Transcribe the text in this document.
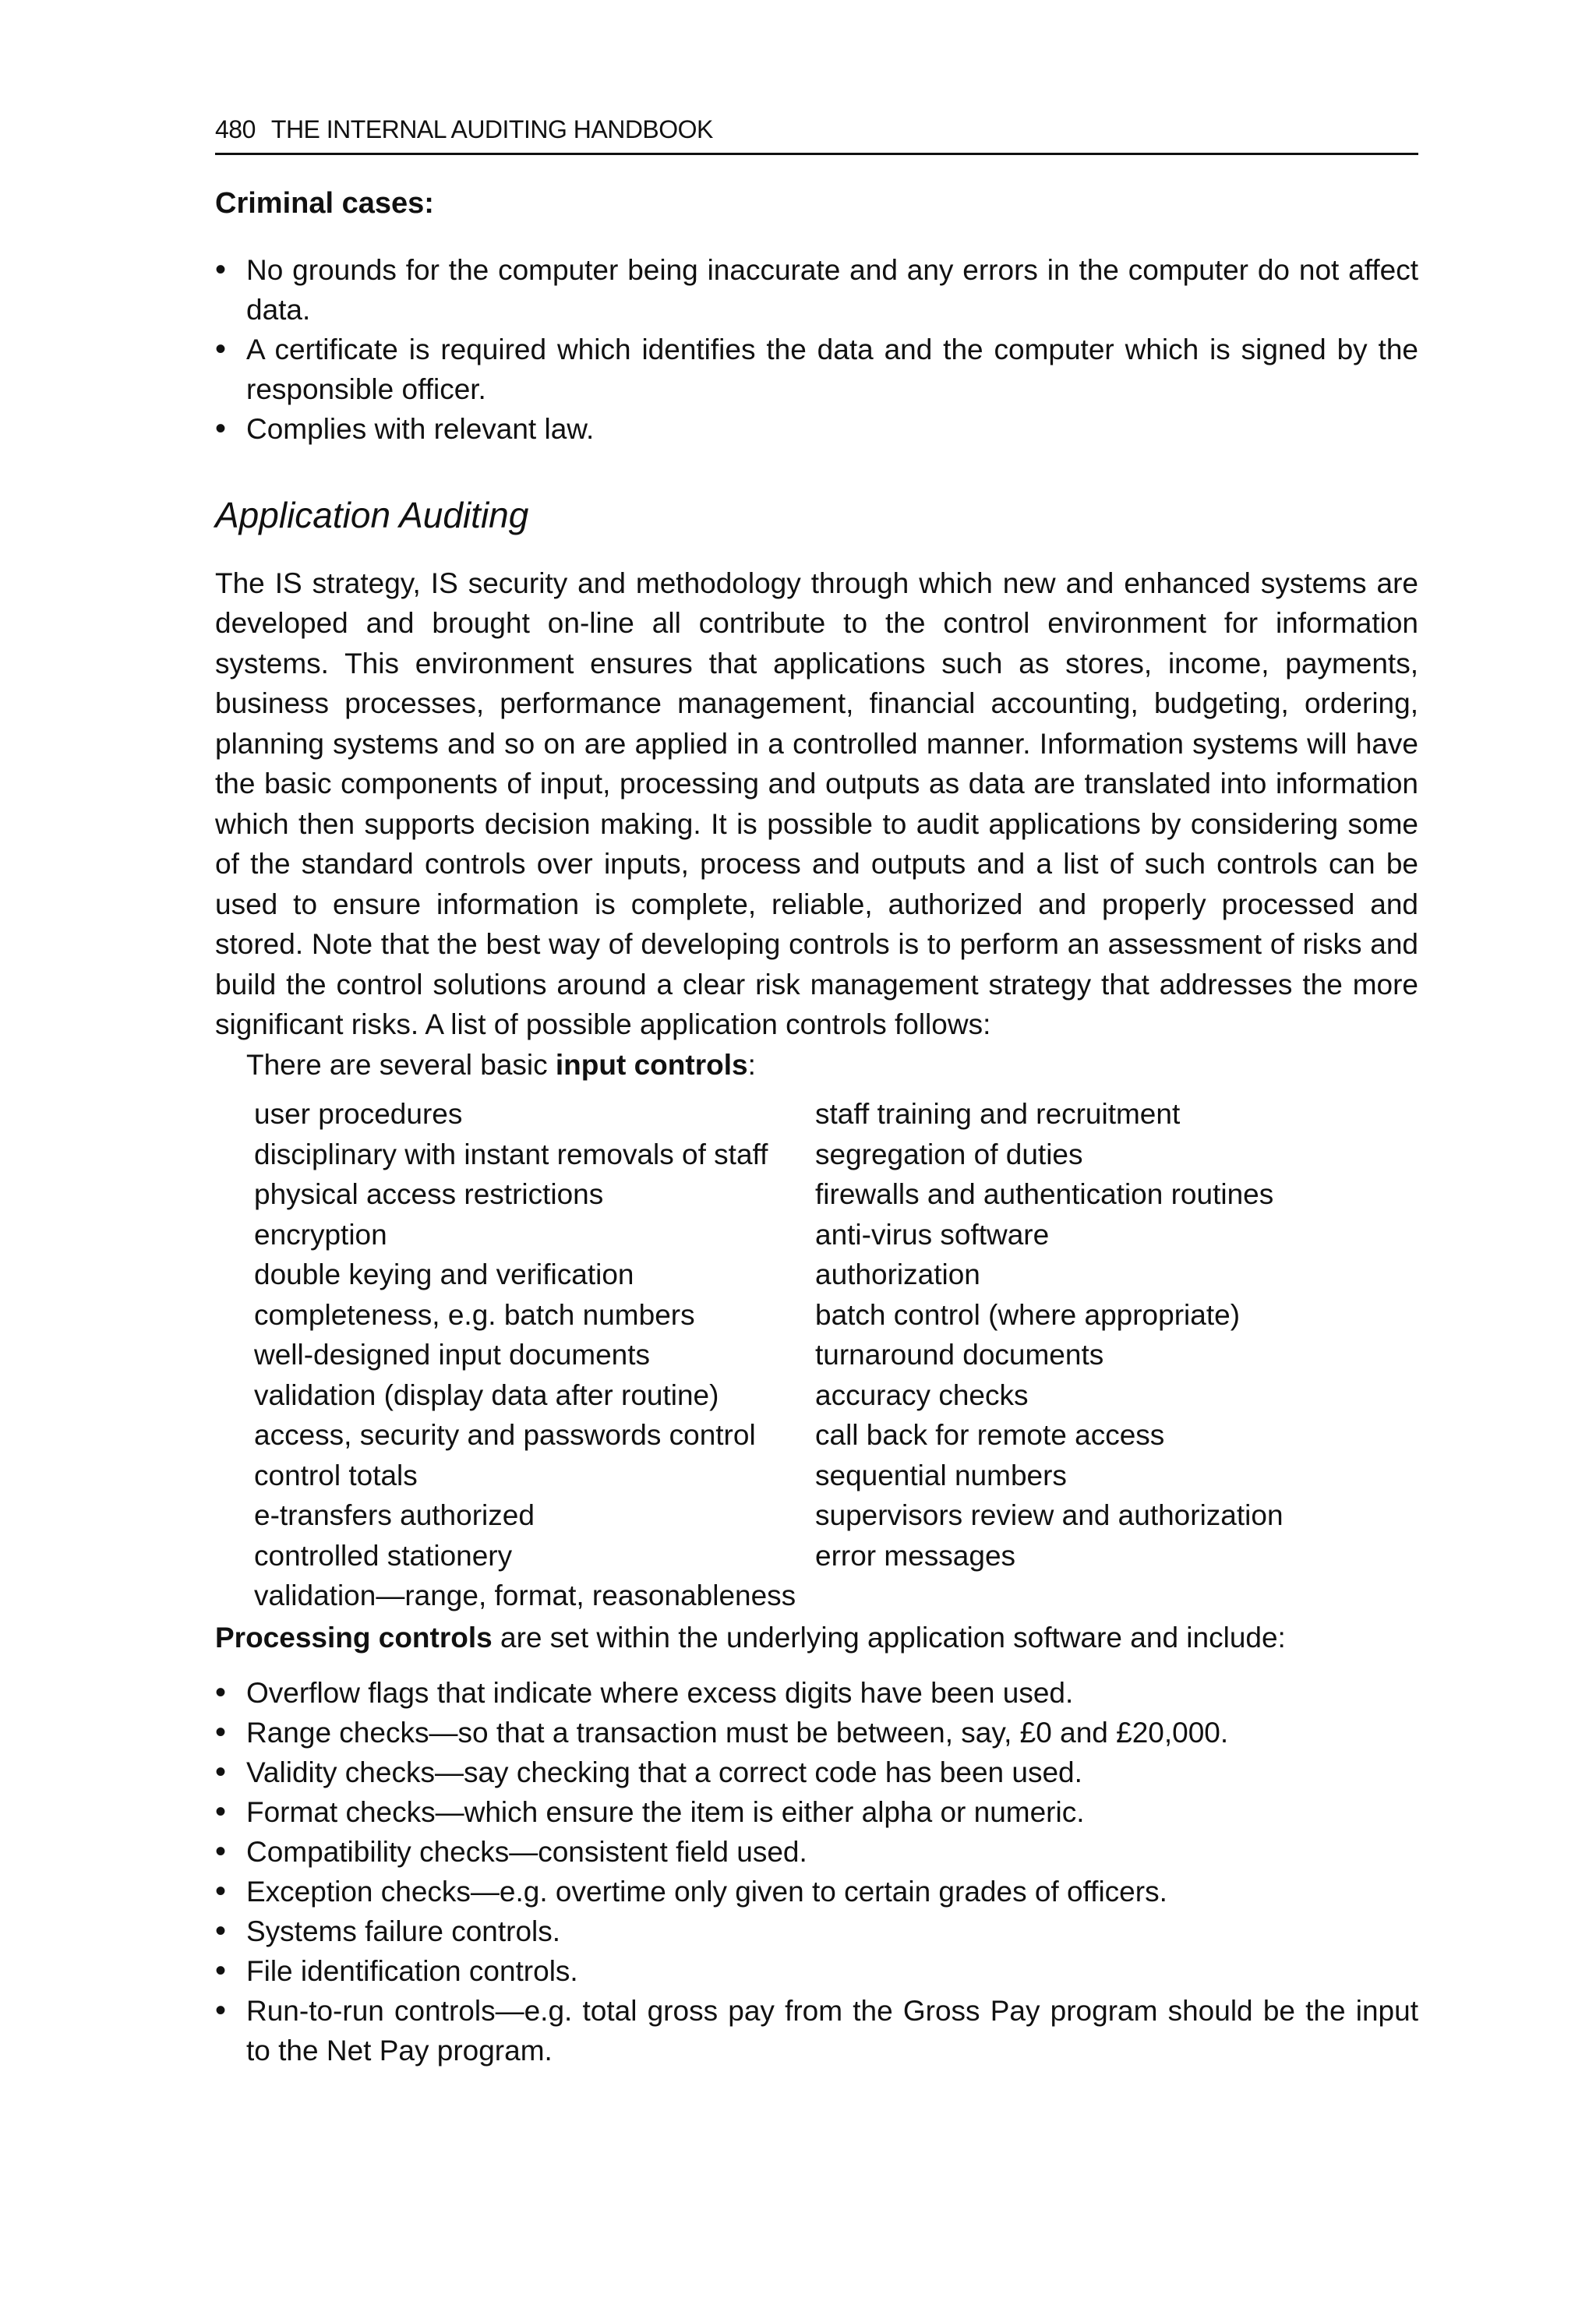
480 THE INTERNAL AUDITING HANDBOOK
Criminal cases:
• No grounds for the computer being inaccurate and any errors in the computer do not affect data.
• A certificate is required which identifies the data and the computer which is signed by the responsible officer.
• Complies with relevant law.
Application Auditing
The IS strategy, IS security and methodology through which new and enhanced systems are developed and brought on-line all contribute to the control environment for information systems. This environment ensures that applications such as stores, income, payments, business processes, performance management, financial accounting, budgeting, ordering, planning systems and so on are applied in a controlled manner. Information systems will have the basic components of input, processing and outputs as data are translated into information which then supports decision making. It is possible to audit applications by considering some of the standard controls over inputs, process and outputs and a list of such controls can be used to ensure information is complete, reliable, authorized and properly processed and stored. Note that the best way of developing controls is to perform an assessment of risks and build the control solutions around a clear risk management strategy that addresses the more significant risks. A list of possible application controls follows:
There are several basic input controls:
user procedures
disciplinary with instant removals of staff
physical access restrictions
encryption
double keying and verification
completeness, e.g. batch numbers
well-designed input documents
validation (display data after routine)
access, security and passwords control
control totals
e-transfers authorized
controlled stationery
validation—range, format, reasonableness
staff training and recruitment
segregation of duties
firewalls and authentication routines
anti-virus software
authorization
batch control (where appropriate)
turnaround documents
accuracy checks
call back for remote access
sequential numbers
supervisors review and authorization
error messages
Processing controls are set within the underlying application software and include:
• Overflow flags that indicate where excess digits have been used.
• Range checks—so that a transaction must be between, say, £0 and £20,000.
• Validity checks—say checking that a correct code has been used.
• Format checks—which ensure the item is either alpha or numeric.
• Compatibility checks—consistent field used.
• Exception checks—e.g. overtime only given to certain grades of officers.
• Systems failure controls.
• File identification controls.
• Run-to-run controls—e.g. total gross pay from the Gross Pay program should be the input to the Net Pay program.
